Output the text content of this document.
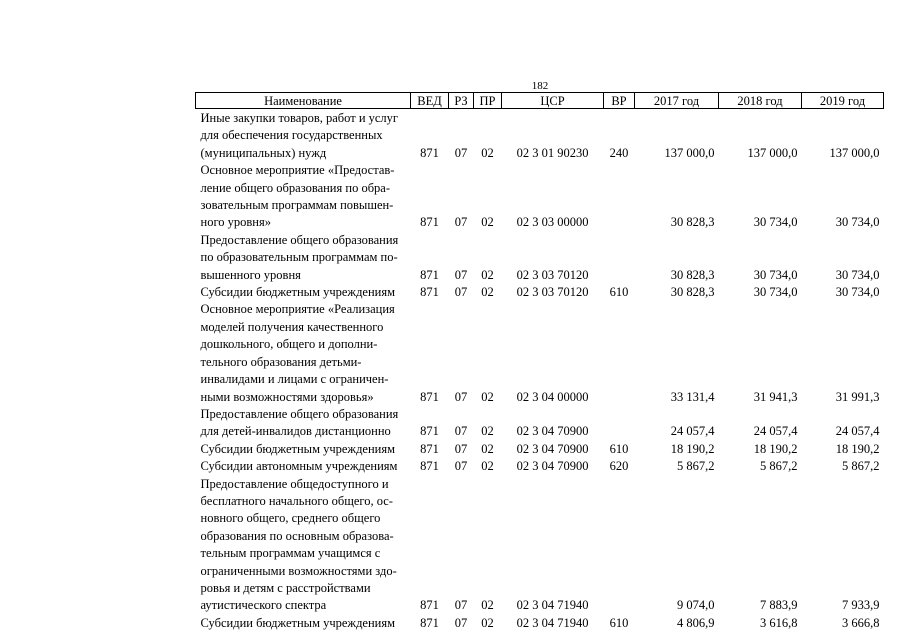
182
Наименование	ВЕД	РЗ	ПР	ЦСР	ВР	2017 год	2018 год	2019 год
Иные закупки товаров, работ и услуг для обеспечения государственных (муниципальных) нужд	871	07	02	02 3 01 90230	240	137 000,0	137 000,0	137 000,0
Основное мероприятие «Предостав-ление общего образования по обра-зовательным программам повышен-ного уровня»	871	07	02	02 3 03 00000		30 828,3	30 734,0	30 734,0
Предоставление общего образования по образовательным программам по-вышенного уровня	871	07	02	02 3 03 70120		30 828,3	30 734,0	30 734,0
Субсидии бюджетным учреждениям	871	07	02	02 3 03 70120	610	30 828,3	30 734,0	30 734,0
Основное мероприятие «Реализация моделей получения качественного дошкольного, общего и дополни-тельного образования детьми-инвалидами и лицами с ограничен-ными возможностями здоровья»	871	07	02	02 3 04 00000		33 131,4	31 941,3	31 991,3
Предоставление общего образования для детей-инвалидов дистанционно	871	07	02	02 3 04 70900		24 057,4	24 057,4	24 057,4
Субсидии бюджетным учреждениям	871	07	02	02 3 04 70900	610	18 190,2	18 190,2	18 190,2
Субсидии автономным учреждениям	871	07	02	02 3 04 70900	620	5 867,2	5 867,2	5 867,2
Предоставление общедоступного и бесплатного начального общего, ос-новного общего, среднего общего образования по основным образова-тельным программам учащимся с ограниченными возможностями здо-ровья и детям с расстройствами аутистического спектра	871	07	02	02 3 04 71940		9 074,0	7 883,9	7 933,9
Субсидии бюджетным учреждениям	871	07	02	02 3 04 71940	610	4 806,9	3 616,8	3 666,8
